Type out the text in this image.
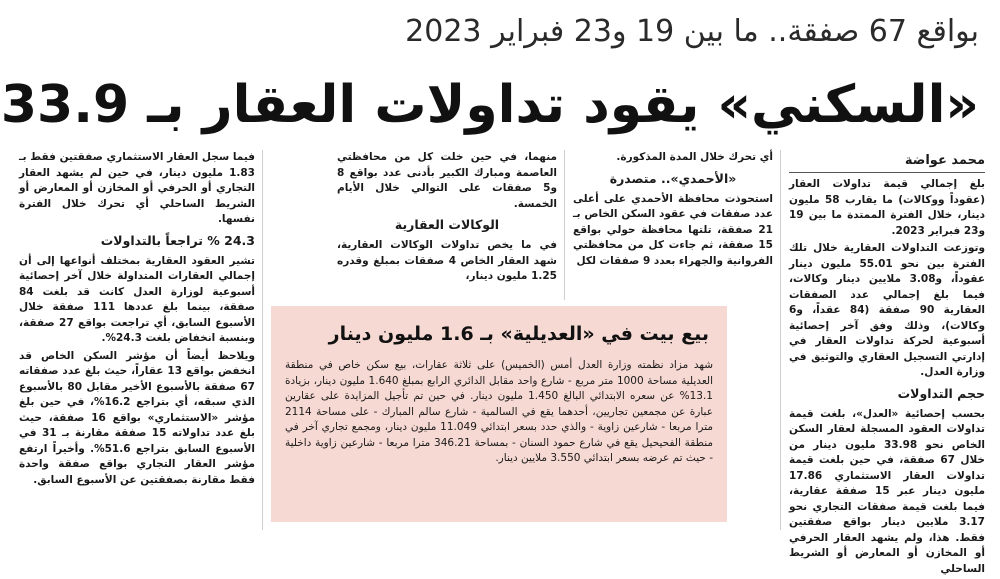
بواقع 67 صفقة.. ما بين 19 و23 فبراير 2023
«السكني» يقود تداولات العقار بـ 33.9
محمد عواضة

بلغ إجمالي قيمة تداولات العقار (عقوداً ووكالات) ما يقارب 58 مليون دينار، خلال الفترة الممتدة ما بين 19 و23 فبراير 2023.

وتوزعت التداولات العقارية خلال تلك الفترة بين نحو 55.01 مليون دينار عقوداً، و3.08 ملايين دينار وكالات، فيما بلغ إجمالي عدد الصفقات العقارية 90 صفقة (84 عقداً، و6 وكالات)، وذلك وفق آخر إحصائية أسبوعية لحركة تداولات العقار في إدارتي التسجيل العقاري والتوثيق في وزارة العدل.

حجم التداولات

بحسب إحصائية «العدل»، بلغت قيمة تداولات العقود المسجلة لعقار السكن الخاص نحو 33.98 مليون دينار من خلال 67 صفقة، في حين بلغت قيمة تداولات العقار الاستثماري 17.86 مليون دينار عبر 15 صفقة عقارية، فيما بلغت قيمة صفقات التجاري نحو 3.17 ملايين دينار بواقع صفقتين فقط. هذا، ولم يشهد العقار الحرفي أو المخازن أو المعارض أو الشريط الساحلي

أي تحرك خلال المدة المذكورة.

«الأحمدي».. متصدرة

استحوذت محافظة الأحمدي على أعلى عدد صفقات في عقود السكن الخاص بـ 21 صفقة، تلتها محافظة حولي بواقع 15 صفقة، ثم جاءت كل من محافظتي الفروانية والجهراء بعدد 9 صفقات لكل

منهما، في حين خلت كل من محافظتي العاصمة ومبارك الكبير بأدنى عدد بواقع 8 و5 صفقات على التوالي خلال الأيام الخمسة.

الوكالات العقارية

في ما يخص تداولات الوكالات العقارية، شهد العقار الخاص 4 صفقات بمبلغ وقدره 1.25 مليون دينار،

فيما سجل العقار الاستثماري صفقتين فقط بـ 1.83 مليون دينار، في حين لم يشهد العقار التجاري أو الحرفي أو المخازن أو المعارض أو الشريط الساحلي أي تحرك خلال الفترة نفسها.

24.3 % تراجعاً بالتداولات

تشير العقود العقارية بمختلف أنواعها إلى أن إجمالي العقارات المتداولة خلال آخر إحصائية أسبوعية لوزارة العدل كانت قد بلغت 84 صفقة، بينما بلغ عددها 111 صفقة خلال الأسبوع السابق، أي تراجعت بواقع 27 صفقة، وبنسبة انخفاض بلغت 24.3%.

ويلاحظ أيضاً أن مؤشر السكن الخاص قد انخفض بواقع 13 عقاراً، حيث بلغ عدد صفقاته 67 صفقة بالأسبوع الأخير مقابل 80 بالأسبوع الذي سبقه، أي بتراجع 16.2%، في حين بلغ مؤشر «الاستثماري» بواقع 16 صفقة، حيث بلغ عدد تداولاته 15 صفقة مقارنة بـ 31 في الأسبوع السابق بتراجع 51.6%. وأخيراً ارتفع مؤشر العقار التجاري بواقع صفقة واحدة فقط مقارنة بصفقتين عن الأسبوع السابق.

بيع بيت في «العديلية» بـ 1.6 مليون دينار
شهد مزاد نظمته وزارة العدل أمس (الخميس) على ثلاثة عقارات، بيع سكن خاص في منطقة العديلية مساحة 1000 متر مربع - شارع واحد مقابل الدائري الرابع بمبلغ 1.640 مليون دينار، بزيادة 13.1% عن سعره الابتدائي البالغ 1.450 مليون دينار. في حين تم تأجيل المزايدة على عقارين عبارة عن مجمعين تجاريين، أحدهما يقع في السالمية - شارع سالم المبارك - على مساحة 2114 مترا مربعا - شارعين زاوية - والذي حدد بسعر ابتدائي 11.049 مليون دينار، ومجمع تجاري آخر في منطقة الفحيحيل يقع في شارع حمود السنان - بمساحة 346.21 مترا مربعا - شارعين زاوية داخلية - حيث تم عرضه بسعر ابتدائي 3.550 ملايين دينار.
